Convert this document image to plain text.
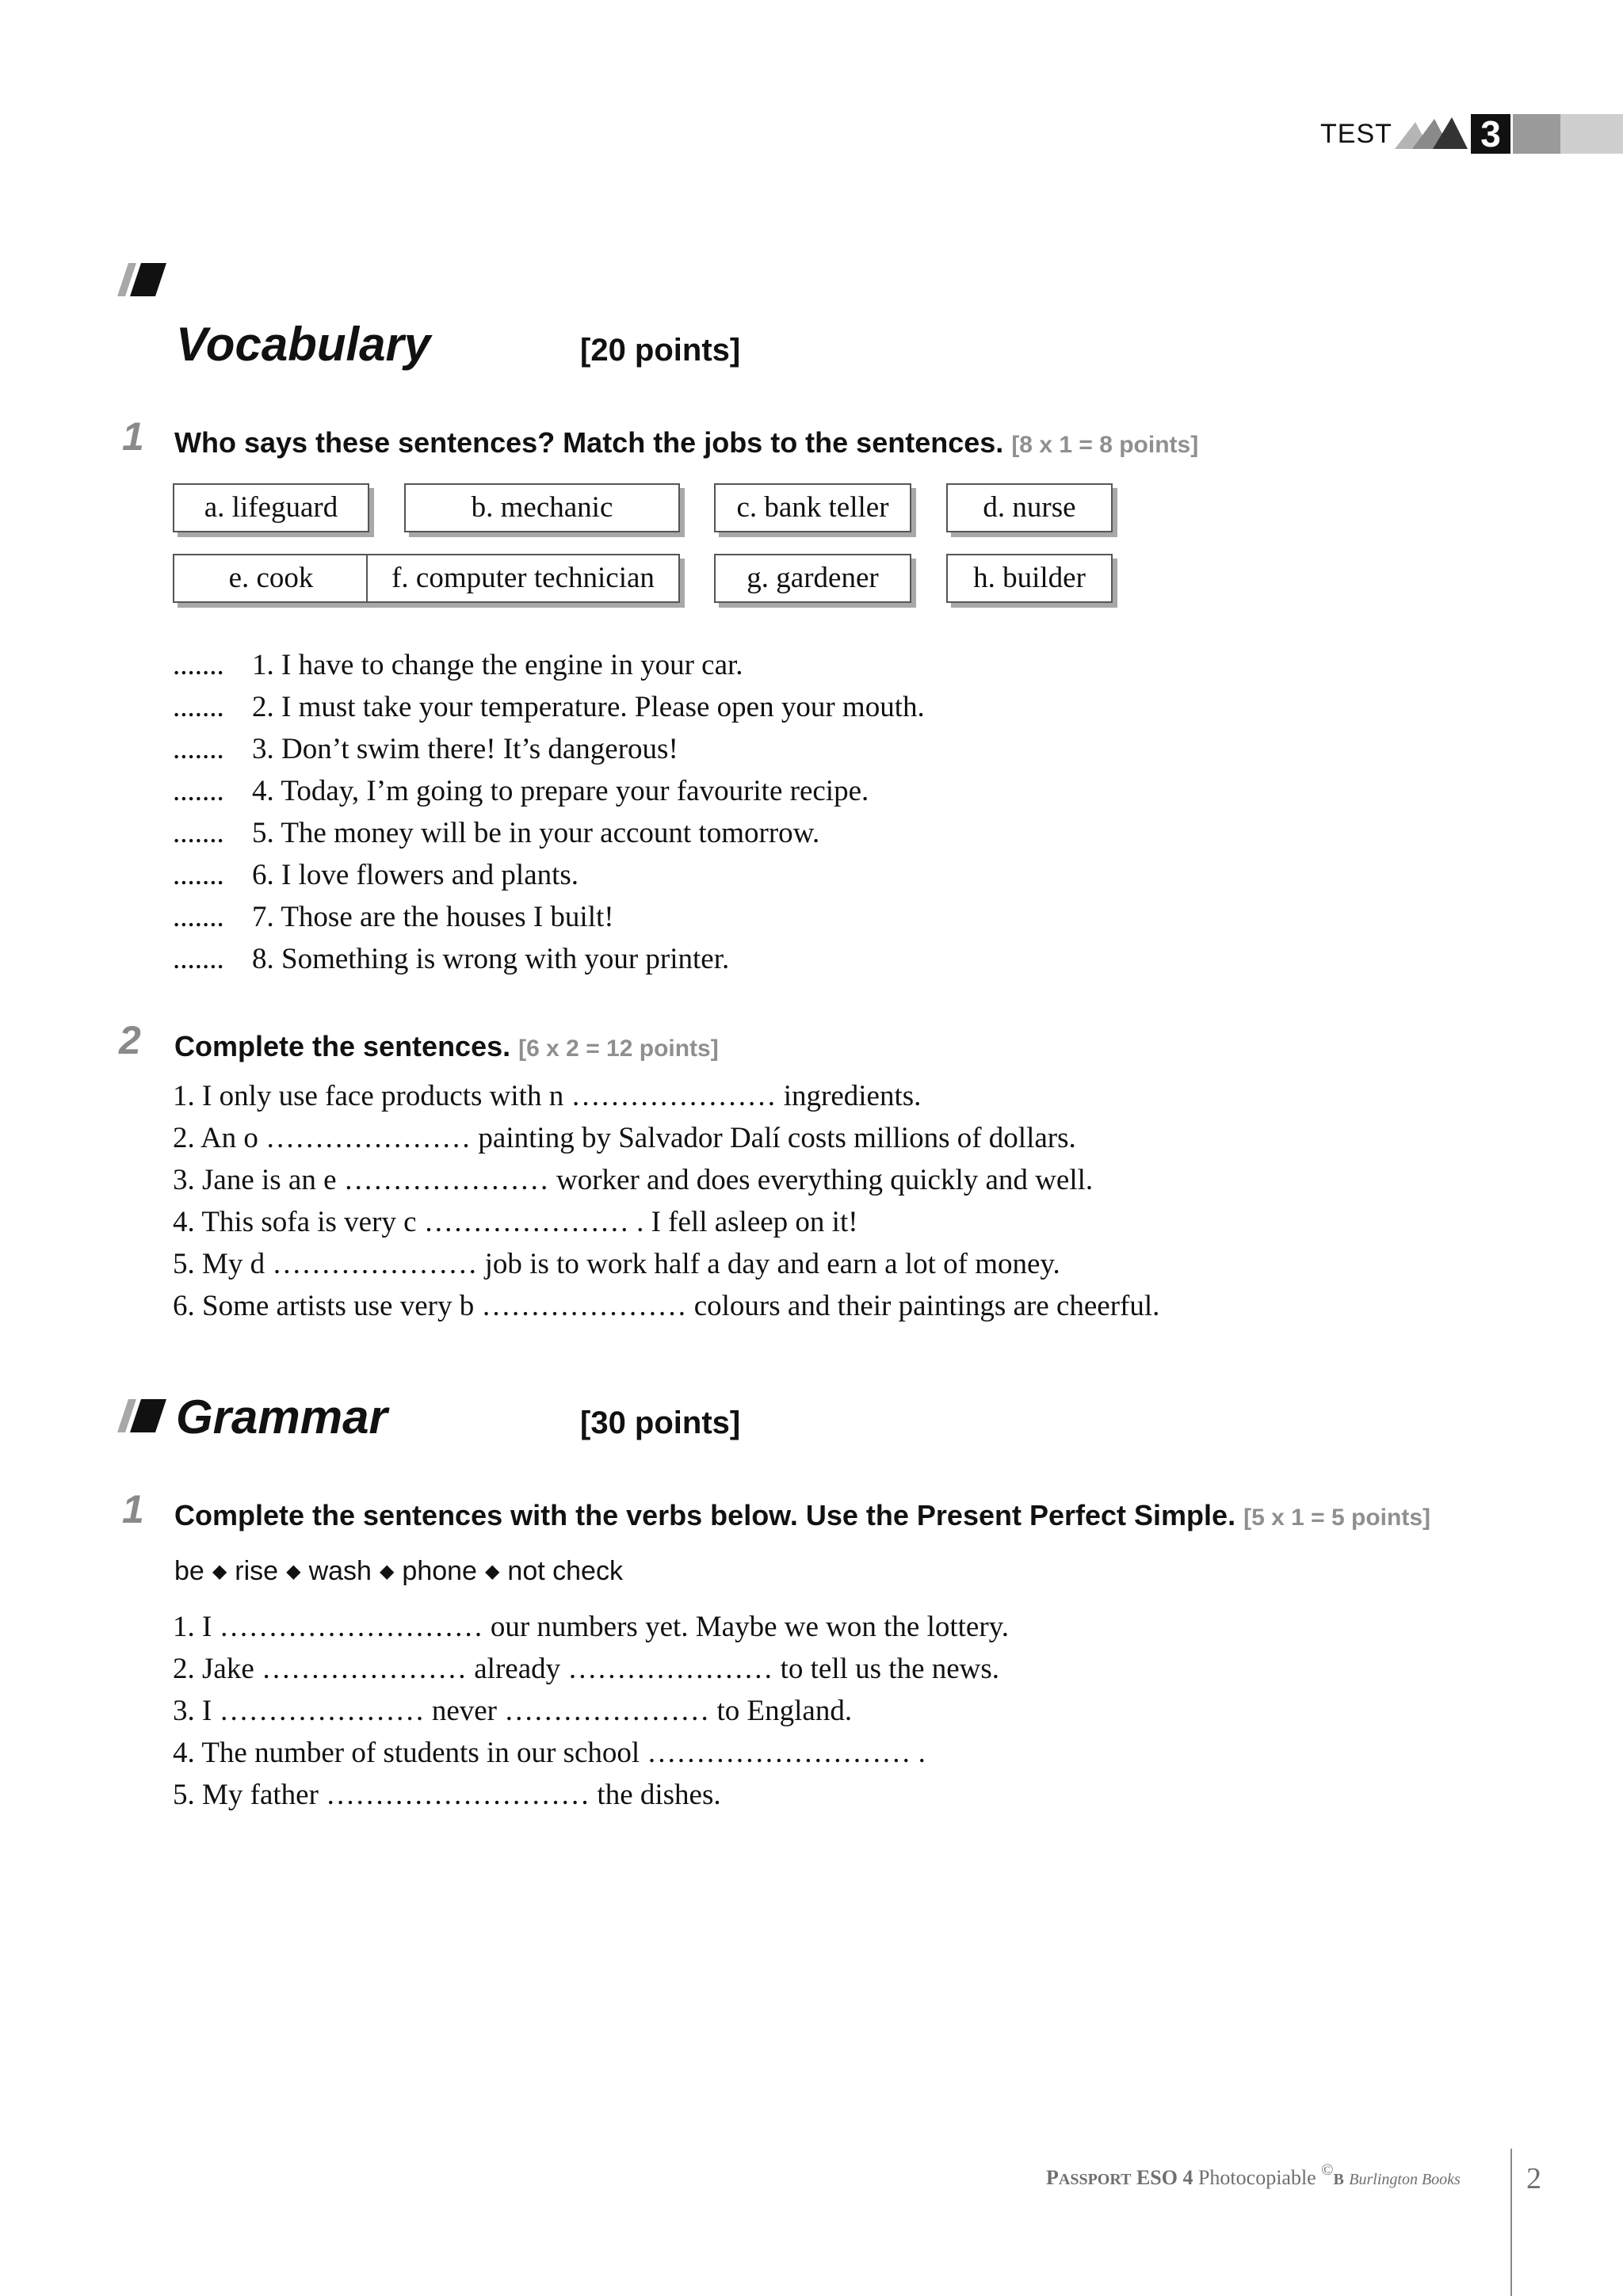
TEST 3
Vocabulary	[20 points]
1 Who says these sentences? Match the jobs to the sentences. [8 x 1 = 8 points]
a. lifeguard	b. mechanic	c. bank teller	d. nurse
e. cook	f. computer technician	g. gardener	h. builder
....... 1. I have to change the engine in your car.
....... 2. I must take your temperature. Please open your mouth.
....... 3. Don’t swim there! It’s dangerous!
....... 4. Today, I’m going to prepare your favourite recipe.
....... 5. The money will be in your account tomorrow.
....... 6. I love flowers and plants.
....... 7. Those are the houses I built!
....... 8. Something is wrong with your printer.
2 Complete the sentences. [6 x 2 = 12 points]
1. I only use face products with n ………………… ingredients.
2. An o ………………… painting by Salvador Dalí costs millions of dollars.
3. Jane is an e ………………… worker and does everything quickly and well.
4. This sofa is very c ………………… . I fell asleep on it!
5. My d ………………… job is to work half a day and earn a lot of money.
6. Some artists use very b ………………… colours and their paintings are cheerful.
Grammar	[30 points]
1 Complete the sentences with the verbs below. Use the Present Perfect Simple. [5 x 1 = 5 points]
be ◆ rise ◆ wash ◆ phone ◆ not check
1. I ……………………… our numbers yet. Maybe we won the lottery.
2. Jake ………………… already ………………… to tell us the news.
3. I ………………… never ………………… to England.
4. The number of students in our school ……………………… .
5. My father ……………………… the dishes.
PASSPORT ESO 4 Photocopiable ©B Burlington Books 2
